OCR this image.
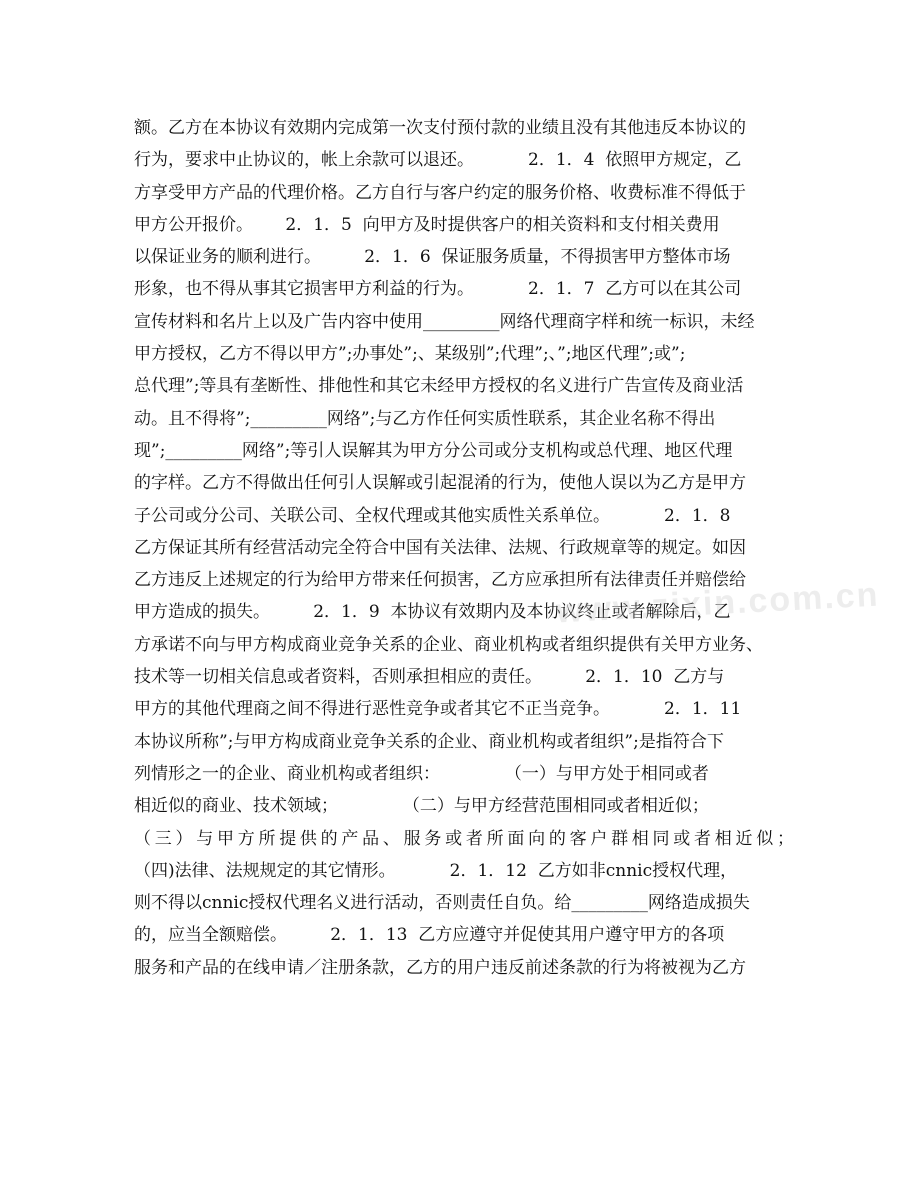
额。乙方在本协议有效期内完成第一次支付预付款的业绩且没有其他违反本协议的
行为，要求中止协议的，帐上余款可以退还。          2．1．4  依照甲方规定，乙
方享受甲方产品的代理价格。乙方自行与客户约定的服务价格、收费标准不得低于
甲方公开报价。      2．1．5  向甲方及时提供客户的相关资料和支付相关费用
以保证业务的顺利进行。        2．1．6  保证服务质量，不得损害甲方整体市场
形象，也不得从事其它损害甲方利益的行为。          2．1．7  乙方可以在其公司
宣传材料和名片上以及广告内容中使用_________网络代理商字样和统一标识，未经
甲方授权，乙方不得以甲方”;办事处”;、某级别”;代理”;、”;地区代理”;或”;
总代理”;等具有垄断性、排他性和其它未经甲方授权的名义进行广告宣传及商业活
动。且不得将”;_________网络”;与乙方作任何实质性联系，其企业名称不得出
现”;_________网络”;等引人误解其为甲方分公司或分支机构或总代理、地区代理
的字样。乙方不得做出任何引人误解或引起混淆的行为，使他人误以为乙方是甲方
子公司或分公司、关联公司、全权代理或其他实质性关系单位。          2．1．8
乙方保证其所有经营活动完全符合中国有关法律、法规、行政规章等的规定。如因
乙方违反上述规定的行为给甲方带来任何损害，乙方应承担所有法律责任并赔偿给
甲方造成的损失。        2．1．9  本协议有效期内及本协议终止或者解除后，乙
方承诺不向与甲方构成商业竞争关系的企业、商业机构或者组织提供有关甲方业务、
技术等一切相关信息或者资料，否则承担相应的责任。        2．1．10  乙方与
甲方的其他代理商之间不得进行恶性竞争或者其它不正当竞争。          2．1．11
本协议所称”;与甲方构成商业竞争关系的企业、商业机构或者组织”;是指符合下
列情形之一的企业、商业机构或者组织：            （一）与甲方处于相同或者
相近似的商业、技术领域；            （二）与甲方经营范围相同或者相近似；
（三）与甲方所提供的产品、服务或者所面向的客户群相同或者相近似；
（四)法律、法规规定的其它情形。          2．1．12  乙方如非cnnic授权代理，
则不得以cnnic授权代理名义进行活动，否则责任自负。给_________网络造成损失
的，应当全额赔偿。        2．1．13  乙方应遵守并促使其用户遵守甲方的各项
服务和产品的在线申请／注册条款，乙方的用户违反前述条款的行为将被视为乙方
www.zixin.com.cn
